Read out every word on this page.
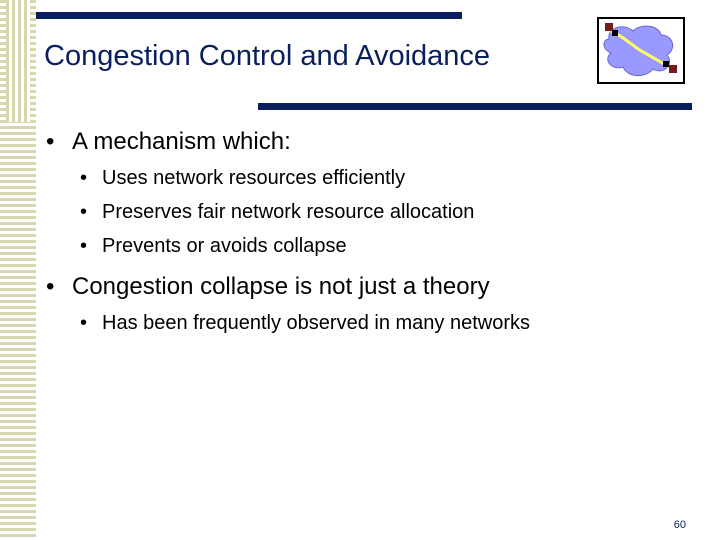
Congestion Control and Avoidance
• A mechanism which:
• Uses network resources efficiently
• Preserves fair network resource allocation
• Prevents or avoids collapse
• Congestion collapse is not just a theory
• Has been frequently observed in many networks
60
